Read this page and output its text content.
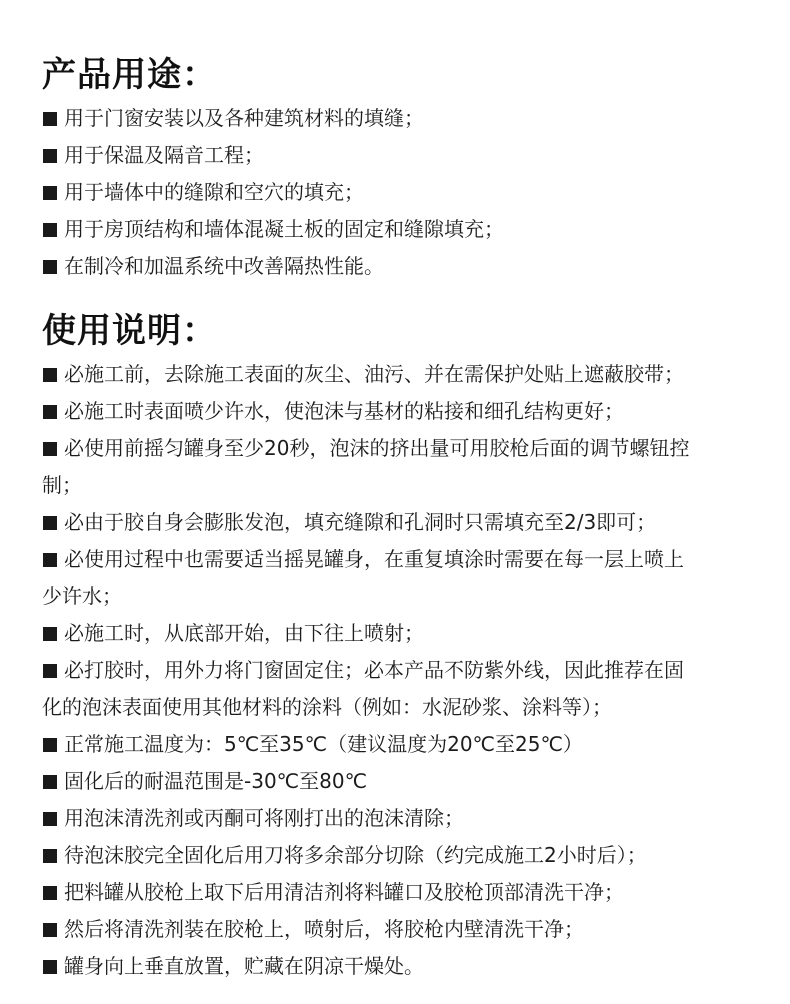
产品用途：
用于门窗安装以及各种建筑材料的填缝；
用于保温及隔音工程；
用于墙体中的缝隙和空穴的填充；
用于房顶结构和墙体混凝土板的固定和缝隙填充；
在制冷和加温系统中改善隔热性能。
使用说明：
必施工前，去除施工表面的灰尘、油污、并在需保护处贴上遮蔽胶带；
必施工时表面喷少许水，使泡沫与基材的粘接和细孔结构更好；
必使用前摇匀罐身至少20秒，泡沫的挤出量可用胶枪后面的调节螺钮控
制；
必由于胶自身会膨胀发泡，填充缝隙和孔洞时只需填充至2/3即可；
必使用过程中也需要适当摇晃罐身，在重复填涂时需要在每一层上喷上
少许水；
必施工时，从底部开始，由下往上喷射；
必打胶时，用外力将门窗固定住；必本产品不防紫外线，因此推荐在固
化的泡沫表面使用其他材料的涂料（例如：水泥砂浆、涂料等）；
正常施工温度为：5℃至35℃（建议温度为20℃至25℃）
固化后的耐温范围是-30℃至80℃
用泡沫清洗剂或丙酮可将刚打出的泡沫清除；
待泡沫胶完全固化后用刀将多余部分切除（约完成施工2小时后）；
把料罐从胶枪上取下后用清洁剂将料罐口及胶枪顶部清洗干净；
然后将清洗剂装在胶枪上，喷射后，将胶枪内壁清洗干净；
罐身向上垂直放置，贮藏在阴凉干燥处。
